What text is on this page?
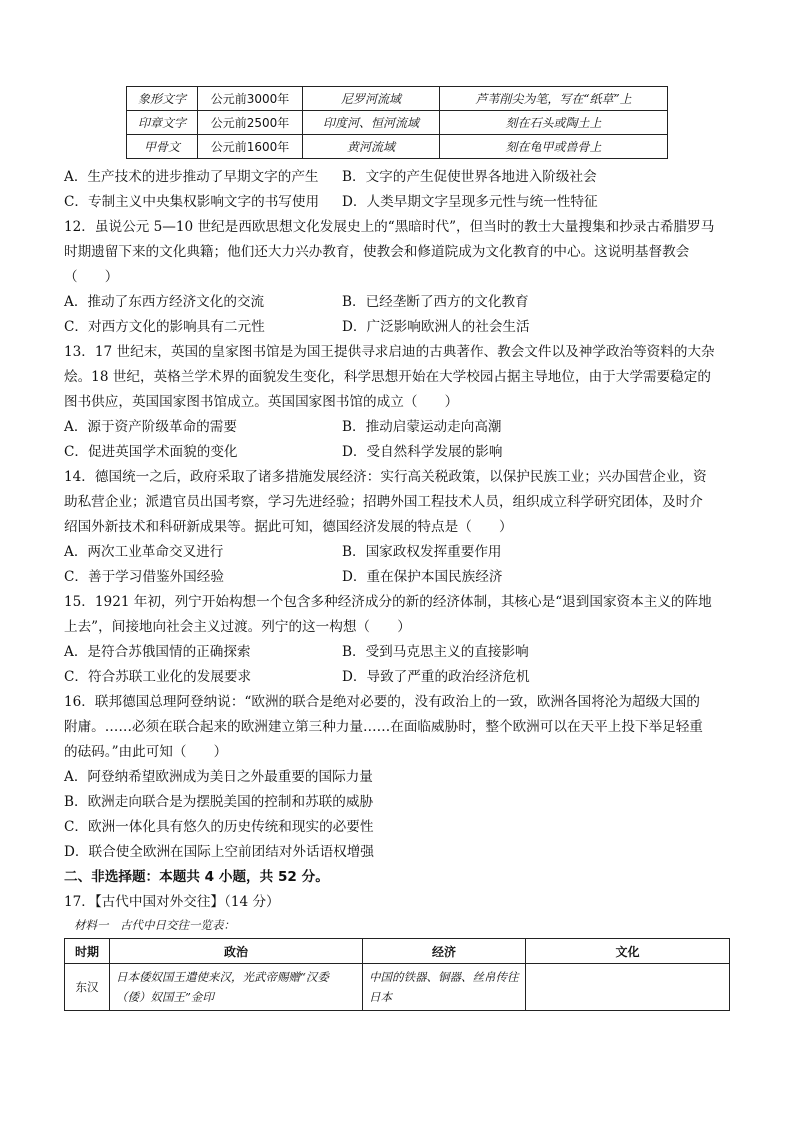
象形文字	公元前3000年	尼罗河流域	芦苇削尖为笔，写在“纸草”上
印章文字	公元前2500年	印度河、恒河流域	刻在石头或陶土上
甲骨文	公元前1600年	黄河流域	刻在龟甲或兽骨上
A．生产技术的进步推动了早期文字的产生	B．文字的产生促使世界各地进入阶级社会
C．专制主义中央集权影响文字的书写使用	D．人类早期文字呈现多元性与统一性特征
12．虽说公元 5—10 世纪是西欧思想文化发展史上的“黑暗时代”，但当时的教士大量搜集和抄录古希腊罗马
时期遗留下来的文化典籍；他们还大力兴办教育，使教会和修道院成为文化教育的中心。这说明基督教会
（　　）
A．推动了东西方经济文化的交流	B．已经垄断了西方的文化教育
C．对西方文化的影响具有二元性	D．广泛影响欧洲人的社会生活
13．17 世纪末，英国的皇家图书馆是为国王提供寻求启迪的古典著作、教会文件以及神学政治等资料的大杂
烩。18 世纪，英格兰学术界的面貌发生变化，科学思想开始在大学校园占据主导地位，由于大学需要稳定的
图书供应，英国国家图书馆成立。英国国家图书馆的成立（　　）
A．源于资产阶级革命的需要	B．推动启蒙运动走向高潮
C．促进英国学术面貌的变化	D．受自然科学发展的影响
14．德国统一之后，政府采取了诸多措施发展经济：实行高关税政策，以保护民族工业；兴办国营企业，资
助私营企业；派遣官员出国考察，学习先进经验；招聘外国工程技术人员，组织成立科学研究团体，及时介
绍国外新技术和科研新成果等。据此可知，德国经济发展的特点是（　　）
A．两次工业革命交叉进行	B．国家政权发挥重要作用
C．善于学习借鉴外国经验	D．重在保护本国民族经济
15．1921 年初，列宁开始构想一个包含多种经济成分的新的经济体制，其核心是“退到国家资本主义的阵地
上去”，间接地向社会主义过渡。列宁的这一构想（　　）
A．是符合苏俄国情的正确探索	B．受到马克思主义的直接影响
C．符合苏联工业化的发展要求	D．导致了严重的政治经济危机
16．联邦德国总理阿登纳说：“欧洲的联合是绝对必要的，没有政治上的一致，欧洲各国将沦为超级大国的
附庸。……必须在联合起来的欧洲建立第三种力量……在面临威胁时，整个欧洲可以在天平上投下举足轻重
的砝码。”由此可知（　　）
A．阿登纳希望欧洲成为美日之外最重要的国际力量
B．欧洲走向联合是为摆脱美国的控制和苏联的威胁
C．欧洲一体化具有悠久的历史传统和现实的必要性
D．联合使全欧洲在国际上空前团结对外话语权增强
二、非选择题：本题共 4 小题，共 52 分。
17．【古代中国对外交往】（14 分）
材料一　古代中日交往一览表：
时期	政治	经济	文化
东汉	日本倭奴国王遣使来汉，光武帝赐赠“汉委（倭）奴国王”金印	中国的铁器、铜器、丝帛传往日本	
